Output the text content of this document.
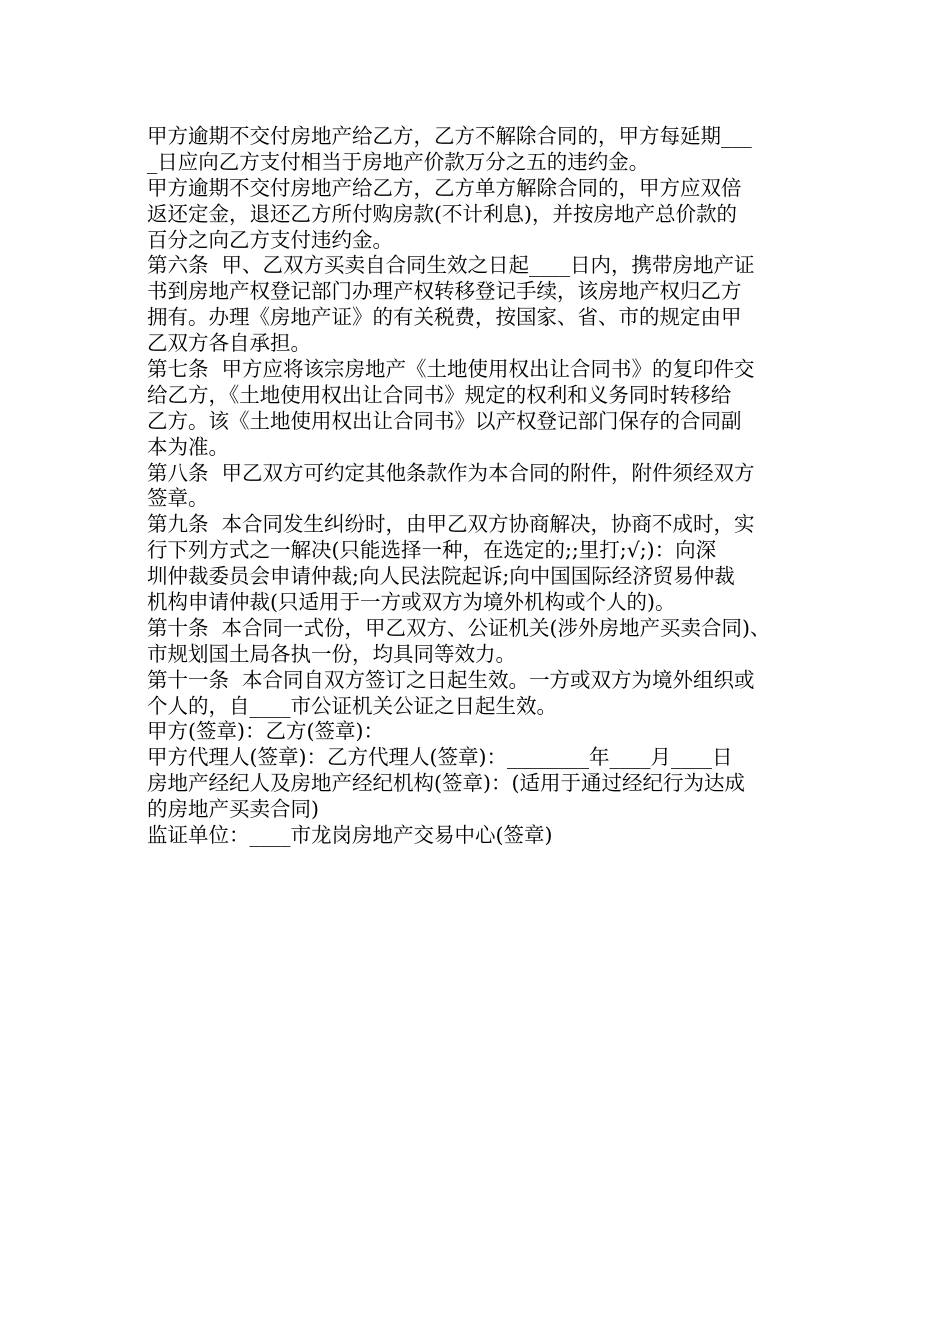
甲方逾期不交付房地产给乙方，乙方不解除合同的，甲方每延期___
_日应向乙方支付相当于房地产价款万分之五的违约金。
甲方逾期不交付房地产给乙方，乙方单方解除合同的，甲方应双倍
返还定金，退还乙方所付购房款(不计利息)，并按房地产总价款的
百分之向乙方支付违约金。
第六条  甲、乙双方买卖自合同生效之日起____日内，携带房地产证
书到房地产权登记部门办理产权转移登记手续，该房地产权归乙方
拥有。办理《房地产证》的有关税费，按国家、省、市的规定由甲
乙双方各自承担。
第七条  甲方应将该宗房地产《土地使用权出让合同书》的复印件交
给乙方，《土地使用权出让合同书》规定的权利和义务同时转移给
乙方。该《土地使用权出让合同书》以产权登记部门保存的合同副
本为准。
第八条  甲乙双方可约定其他条款作为本合同的附件，附件须经双方
签章。
第九条  本合同发生纠纷时，由甲乙双方协商解决，协商不成时，实
行下列方式之一解决(只能选择一种，在选定的;;里打;√;)：向深
圳仲裁委员会申请仲裁;向人民法院起诉;向中国国际经济贸易仲裁
机构申请仲裁(只适用于一方或双方为境外机构或个人的)。
第十条  本合同一式份，甲乙双方、公证机关(涉外房地产买卖合同)、
市规划国土局各执一份，均具同等效力。
第十一条  本合同自双方签订之日起生效。一方或双方为境外组织或
个人的，自____市公证机关公证之日起生效。
甲方(签章)：乙方(签章)：
甲方代理人(签章)：乙方代理人(签章)：________年____月____日
房地产经纪人及房地产经纪机构(签章)：(适用于通过经纪行为达成
的房地产买卖合同)
监证单位：____市龙岗房地产交易中心(签章)
